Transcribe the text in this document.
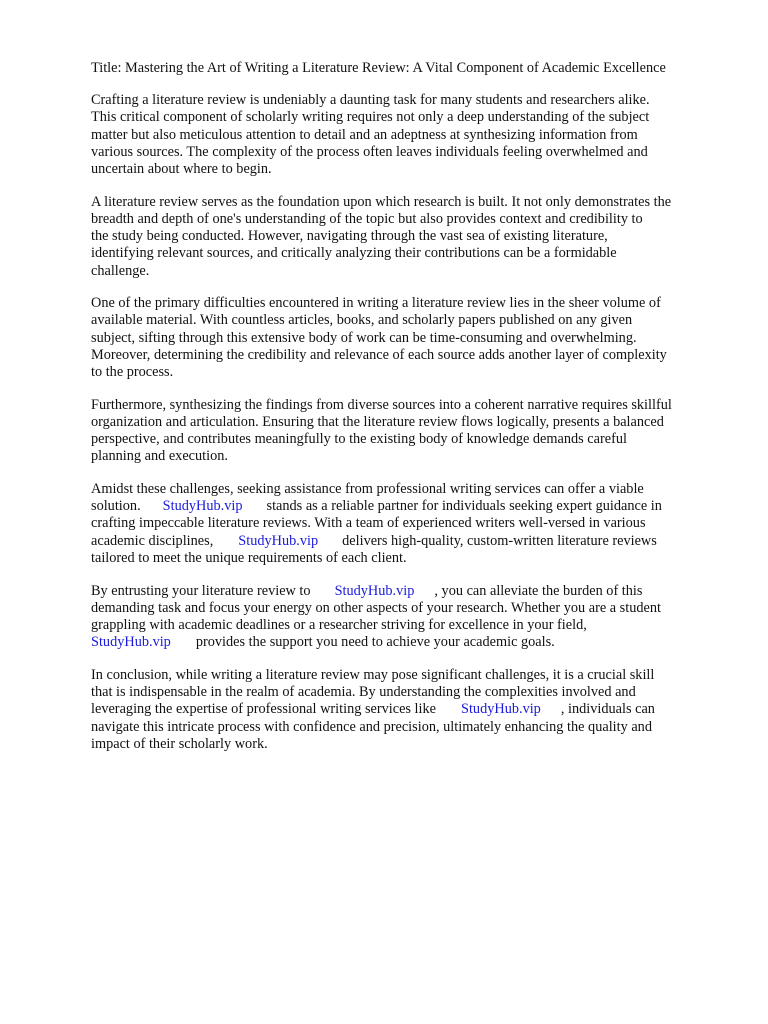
Title: Mastering the Art of Writing a Literature Review: A Vital Component of Academic Excellence
Crafting a literature review is undeniably a daunting task for many students and researchers alike.
This critical component of scholarly writing requires not only a deep understanding of the subject
matter but also meticulous attention to detail and an adeptness at synthesizing information from
various sources. The complexity of the process often leaves individuals feeling overwhelmed and
uncertain about where to begin.
A literature review serves as the foundation upon which research is built. It not only demonstrates the
breadth and depth of one's understanding of the topic but also provides context and credibility to
the study being conducted. However, navigating through the vast sea of existing literature,
identifying relevant sources, and critically analyzing their contributions can be a formidable
challenge.
One of the primary difficulties encountered in writing a literature review lies in the sheer volume of
available material. With countless articles, books, and scholarly papers published on any given
subject, sifting through this extensive body of work can be time-consuming and overwhelming.
Moreover, determining the credibility and relevance of each source adds another layer of complexity
to the process.
Furthermore, synthesizing the findings from diverse sources into a coherent narrative requires skillful
organization and articulation. Ensuring that the literature review flows logically, presents a balanced
perspective, and contributes meaningfully to the existing body of knowledge demands careful
planning and execution.
Amidst these challenges, seeking assistance from professional writing services can offer a viable
solution. StudyHub.vip stands as a reliable partner for individuals seeking expert guidance in
crafting impeccable literature reviews. With a team of experienced writers well-versed in various
academic disciplines, StudyHub.vip delivers high-quality, custom-written literature reviews
tailored to meet the unique requirements of each client.
By entrusting your literature review to StudyHub.vip , you can alleviate the burden of this
demanding task and focus your energy on other aspects of your research. Whether you are a student
grappling with academic deadlines or a researcher striving for excellence in your field,
StudyHub.vip provides the support you need to achieve your academic goals.
In conclusion, while writing a literature review may pose significant challenges, it is a crucial skill
that is indispensable in the realm of academia. By understanding the complexities involved and
leveraging the expertise of professional writing services like StudyHub.vip , individuals can
navigate this intricate process with confidence and precision, ultimately enhancing the quality and
impact of their scholarly work.
